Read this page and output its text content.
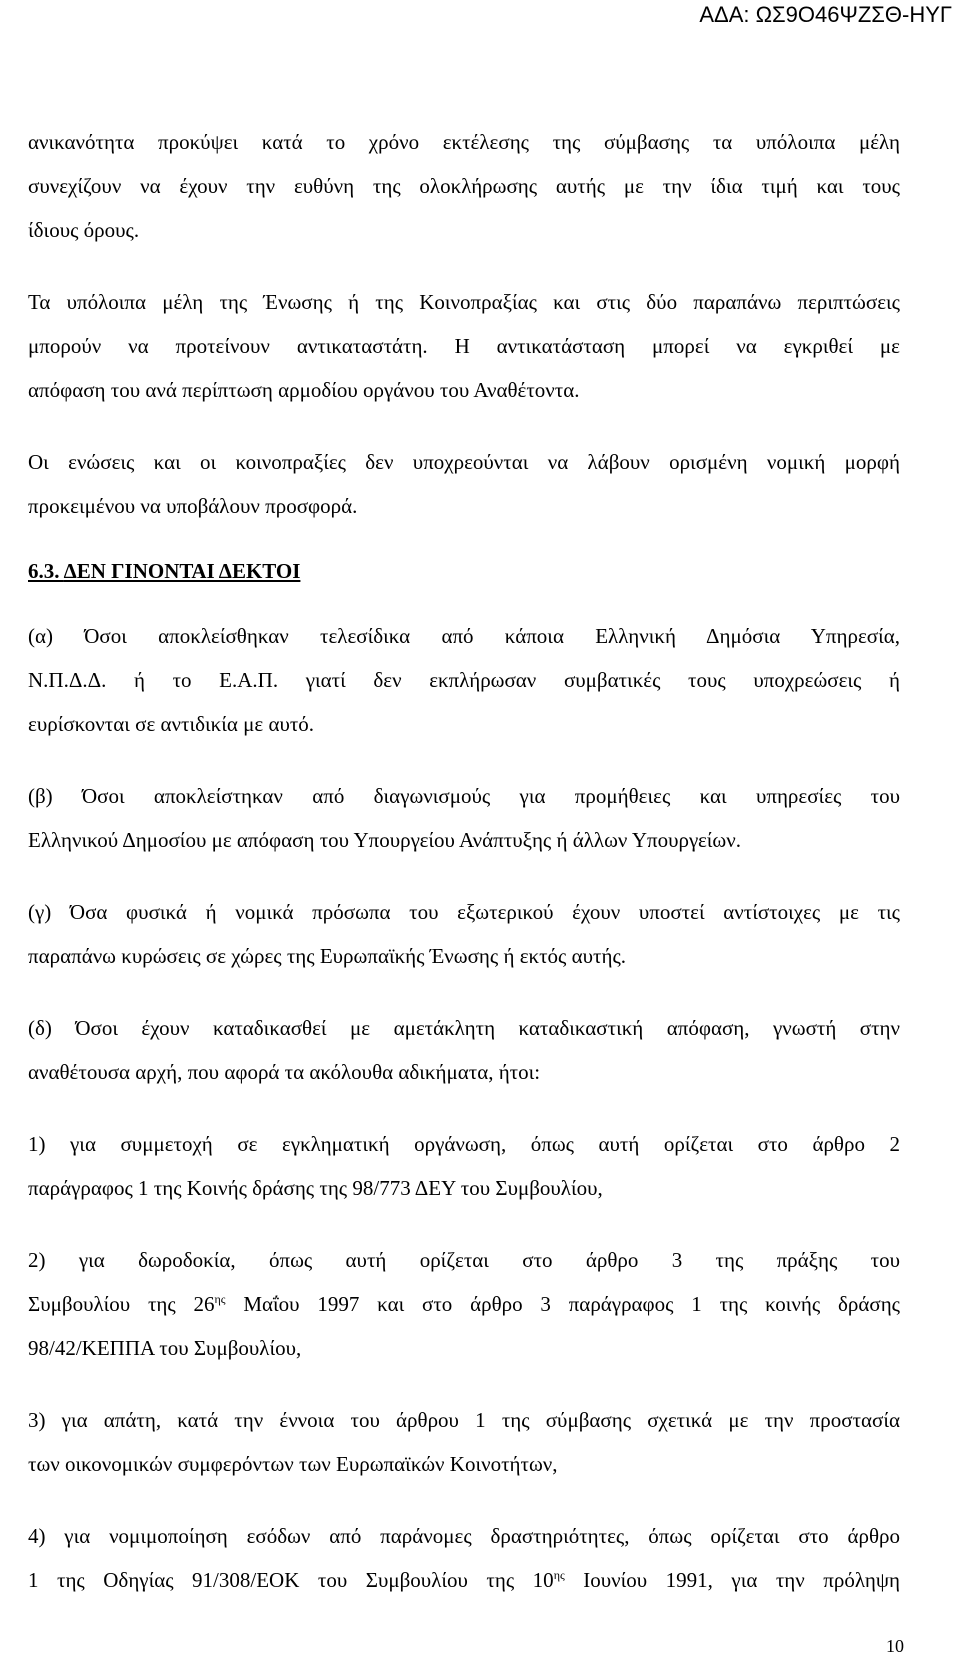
ΑΔΑ: ΩΣ9Ο46ΨΖΣΘ-ΗΥΓ
ανικανότητα προκύψει κατά το χρόνο εκτέλεσης της σύμβασης τα υπόλοιπα μέλη
συνεχίζουν να έχουν την ευθύνη της ολοκλήρωσης αυτής με την ίδια τιμή και τους
ίδιους όρους.
Τα υπόλοιπα μέλη της Ένωσης ή της Κοινοπραξίας και στις δύο παραπάνω περιπτώσεις
μπορούν να προτείνουν αντικαταστάτη. Η αντικατάσταση μπορεί να εγκριθεί με
απόφαση του ανά περίπτωση αρμοδίου οργάνου του Αναθέτοντα.
Οι ενώσεις και οι κοινοπραξίες δεν υποχρεούνται να λάβουν ορισμένη νομική μορφή
προκειμένου να υποβάλουν προσφορά.
6.3. ΔΕΝ ΓΙΝΟΝΤΑΙ ΔΕΚΤΟΙ
(α) Όσοι αποκλείσθηκαν τελεσίδικα από κάποια Ελληνική Δημόσια Υπηρεσία,
Ν.Π.Δ.Δ. ή το Ε.Α.Π. γιατί δεν εκπλήρωσαν συμβατικές τους υποχρεώσεις ή
ευρίσκονται σε αντιδικία με αυτό.
(β) Όσοι αποκλείστηκαν από διαγωνισμούς για προμήθειες και υπηρεσίες του
Ελληνικού Δημοσίου με απόφαση του Υπουργείου Ανάπτυξης ή άλλων Υπουργείων.
(γ) Όσα φυσικά ή νομικά πρόσωπα του εξωτερικού έχουν υποστεί αντίστοιχες με τις
παραπάνω κυρώσεις σε χώρες της Ευρωπαϊκής Ένωσης ή εκτός αυτής.
(δ) Όσοι έχουν καταδικασθεί με αμετάκλητη καταδικαστική απόφαση, γνωστή στην
αναθέτουσα αρχή, που αφορά τα ακόλουθα αδικήματα, ήτοι:
1) για συμμετοχή σε εγκληματική οργάνωση, όπως αυτή ορίζεται στο άρθρο 2
παράγραφος 1 της Κοινής δράσης της 98/773 ΔΕΥ του Συμβουλίου,
2) για δωροδοκία, όπως αυτή ορίζεται στο άρθρο 3 της πράξης του
Συμβουλίου της $26^{\eta\varsigma}$ Μαΐου 1997 και στο άρθρο 3 παράγραφος 1 της κοινής δράσης
98/42/ΚΕΠΠΑ του Συμβουλίου,
3) για απάτη, κατά την έννοια του άρθρου 1 της σύμβασης σχετικά με την προστασία
των οικονομικών συμφερόντων των Ευρωπαϊκών Κοινοτήτων,
4) για νομιμοποίηση εσόδων από παράνομες δραστηριότητες, όπως ορίζεται στο άρθρο
1 της Οδηγίας 91/308/ΕΟΚ του Συμβουλίου της $10^{\eta\varsigma}$ Ιουνίου 1991, για την πρόληψη
10
